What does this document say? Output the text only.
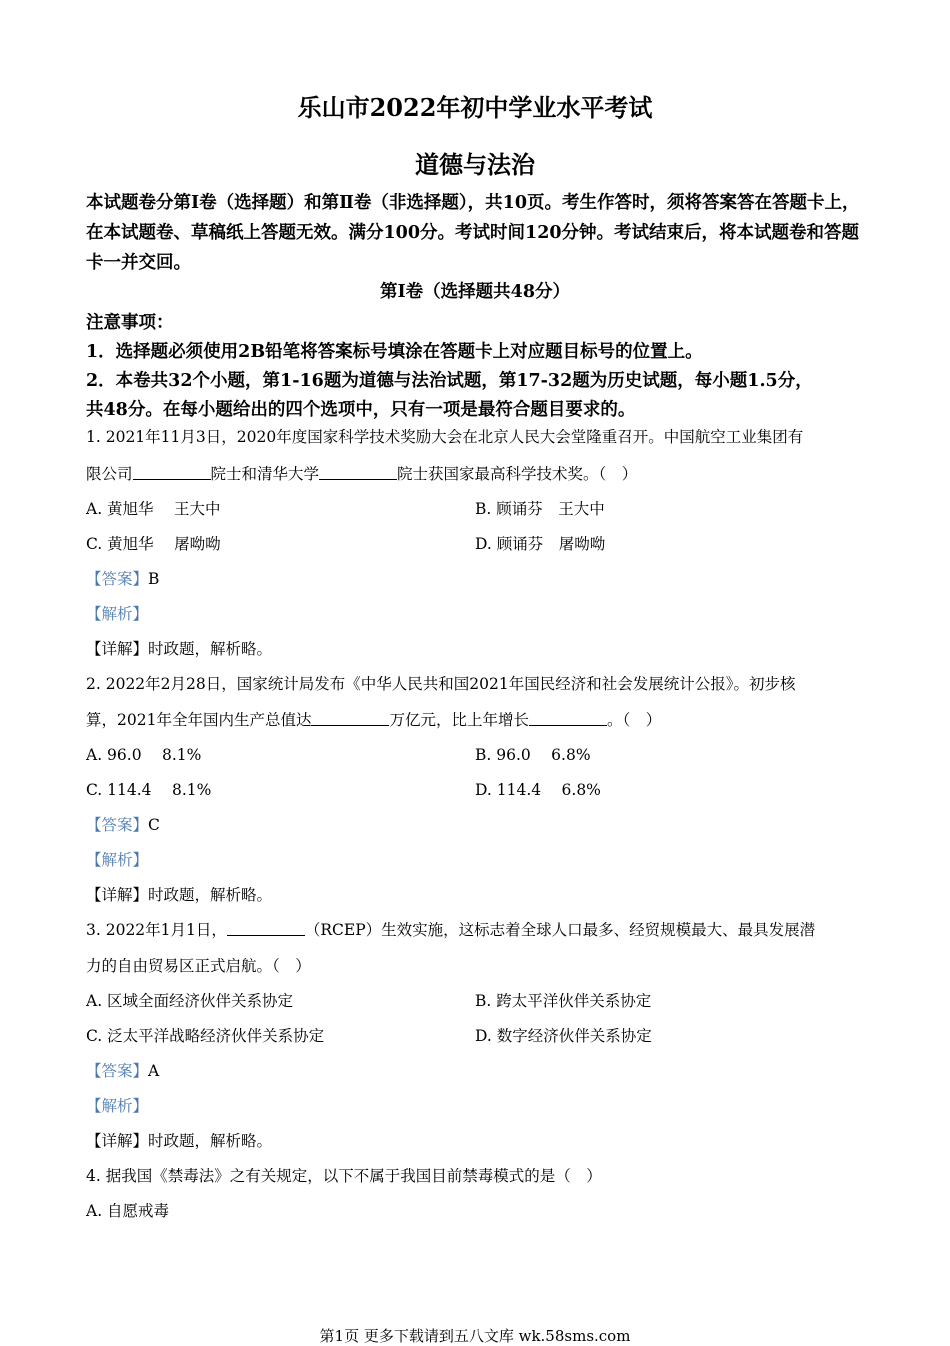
乐山市2022年初中学业水平考试
道德与法治
本试题卷分第I卷（选择题）和第Ⅱ卷（非选择题），共10页。考生作答时，须将答案答在答题卡上，在本试题卷、草稿纸上答题无效。满分100分。考试时间120分钟。考试结束后，将本试题卷和答题卡一并交回。
第I卷（选择题共48分）
注意事项：
1．选择题必须使用2B铅笔将答案标号填涂在答题卡上对应题目标号的位置上。
2．本卷共32个小题，第1-16题为道德与法治试题，第17-32题为历史试题，每小题1.5分，
共48分。在每小题给出的四个选项中，只有一项是最符合题目要求的。
1. 2021年11月3日，2020年度国家科学技术奖励大会在北京人民大会堂隆重召开。中国航空工业集团有
限公司	院士和清华大学	院士获国家最高科学技术奖。（　）
A. 黄旭华　 王大中	B. 顾诵芬　王大中
C. 黄旭华　 屠呦呦	D. 顾诵芬　屠呦呦
【答案】B
【解析】
【详解】时政题，解析略。
2. 2022年2月28日，国家统计局发布《中华人民共和国2021年国民经济和社会发展统计公报》。初步核
算，2021年全年国内生产总值达	万亿元，比上年增长	。（　）
A. 96.0　 8.1%	B. 96.0　 6.8%
C. 114.4　 8.1%	D. 114.4　 6.8%
【答案】C
【解析】
【详解】时政题，解析略。
3. 2022年1月1日，	（RCEP）生效实施，这标志着全球人口最多、经贸规模最大、最具发展潜
力的自由贸易区正式启航。（　）
A. 区域全面经济伙伴关系协定	B. 跨太平洋伙伴关系协定
C. 泛太平洋战略经济伙伴关系协定	D. 数字经济伙伴关系协定
【答案】A
【解析】
【详解】时政题，解析略。
4. 据我国《禁毒法》之有关规定，以下不属于我国目前禁毒模式的是（　）
A. 自愿戒毒
第1页 更多下载请到五八文库 wk.58sms.com
